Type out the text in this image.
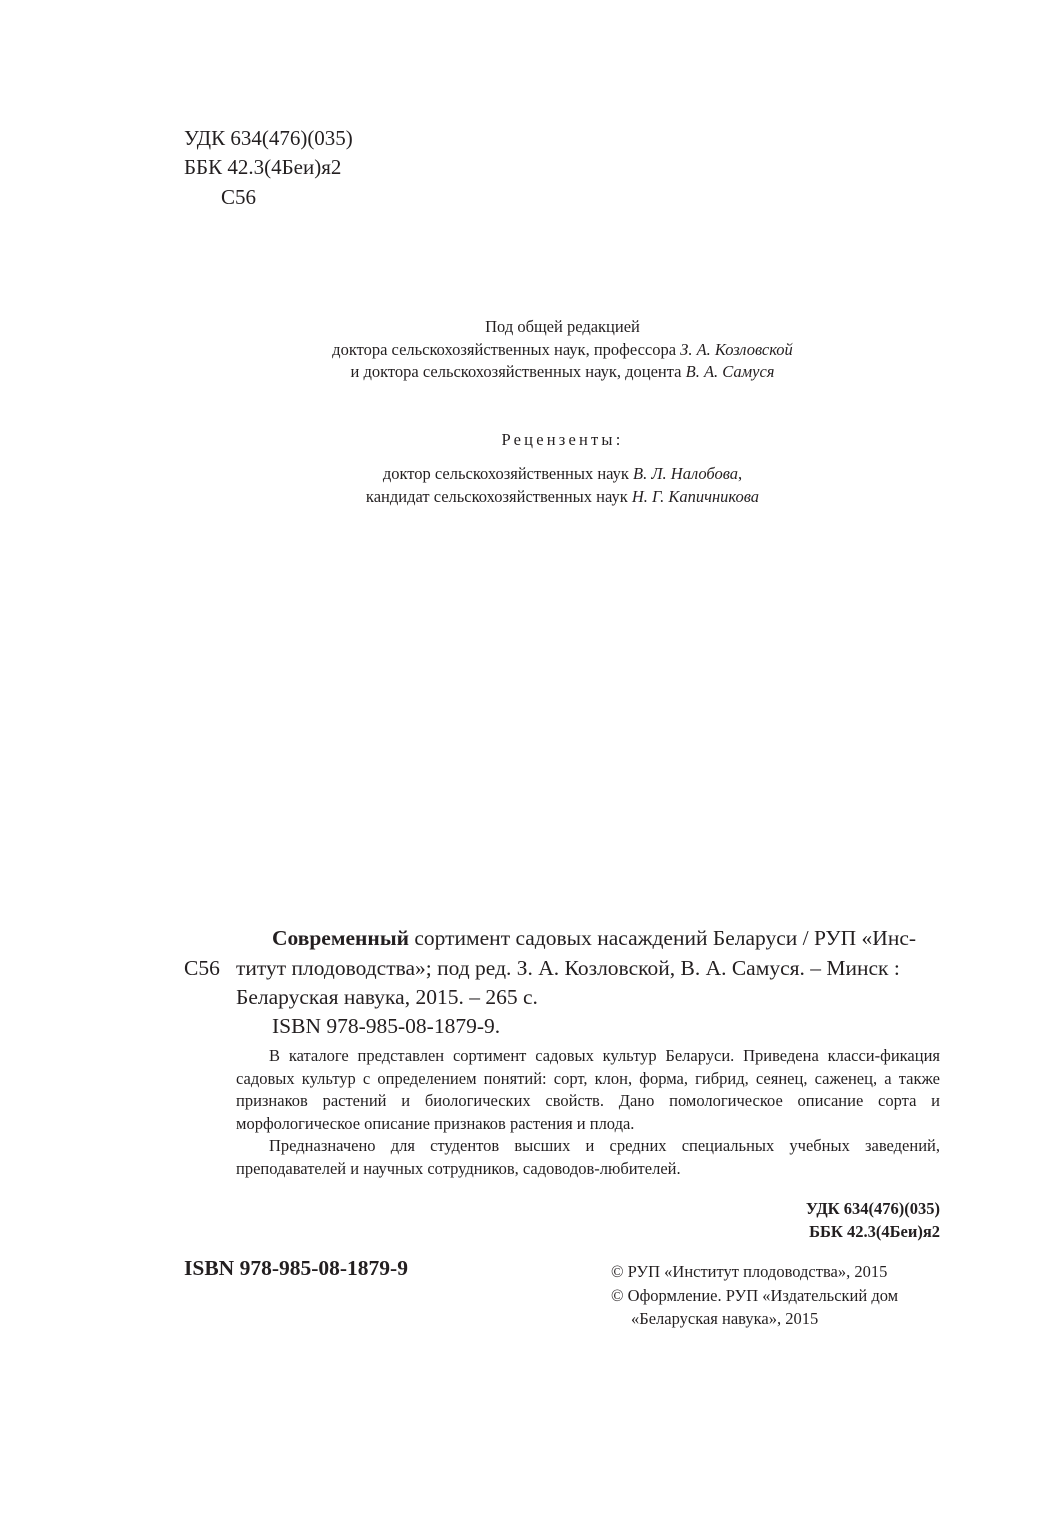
УДК 634(476)(035)
ББК 42.3(4Беи)я2
С56
Под общей редакцией
доктора сельскохозяйственных наук, профессора З. А. Козловской
и доктора сельскохозяйственных наук, доцента В. А. Самуся
Рецензенты:
доктор сельскохозяйственных наук В. Л. Налобова,
кандидат сельскохозяйственных наук Н. Г. Капичникова
Современный сортимент садовых насаждений Беларуси / РУП «Инс-
С56 титут плодоводства»; под ред. З. А. Козловской, В. А. Самуся. – Минск :
Беларуская навука, 2015. – 265 с.
ISBN 978-985-08-1879-9.

В каталоге представлен сортимент садовых культур Беларуси. Приведена класси-фикация садовых культур с определением понятий: сорт, клон, форма, гибрид, сеянец, саженец, а также признаков растений и биологических свойств. Дано помологическое описание сорта и морфологическое описание признаков растения и плода.

Предназначено для студентов высших и средних специальных учебных заведений, преподавателей и научных сотрудников, садоводов-любителей.

УДК 634(476)(035)
ББК 42.3(4Беи)я2
ISBN 978-985-08-1879-9	© РУП «Институт плодоводства», 2015
© Оформление. РУП «Издательский дом
«Беларуская навука», 2015
